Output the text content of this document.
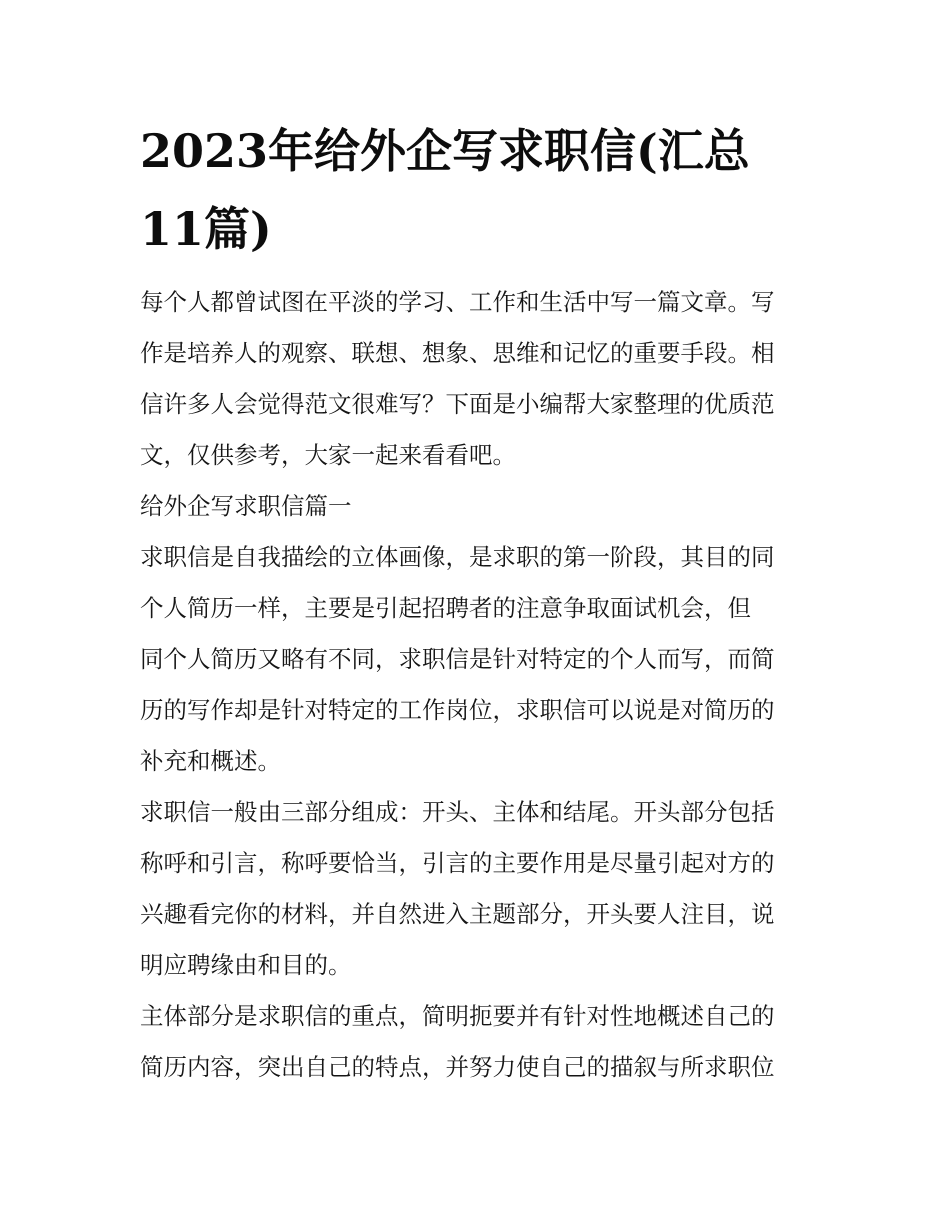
2023年给外企写求职信(汇总
11篇)
每个人都曾试图在平淡的学习、工作和生活中写一篇文章。写
作是培养人的观察、联想、想象、思维和记忆的重要手段。相
信许多人会觉得范文很难写？下面是小编帮大家整理的优质范
文，仅供参考，大家一起来看看吧。
给外企写求职信篇一
求职信是自我描绘的立体画像，是求职的第一阶段，其目的同
个人简历一样，主要是引起招聘者的注意争取面试机会，但
同个人简历又略有不同，求职信是针对特定的个人而写，而简
历的写作却是针对特定的工作岗位，求职信可以说是对简历的
补充和概述。
求职信一般由三部分组成：开头、主体和结尾。开头部分包括
称呼和引言，称呼要恰当，引言的主要作用是尽量引起对方的
兴趣看完你的材料，并自然进入主题部分，开头要人注目，说
明应聘缘由和目的。
主体部分是求职信的重点，简明扼要并有针对性地概述自己的
简历内容，突出自己的特点，并努力使自己的描叙与所求职位
